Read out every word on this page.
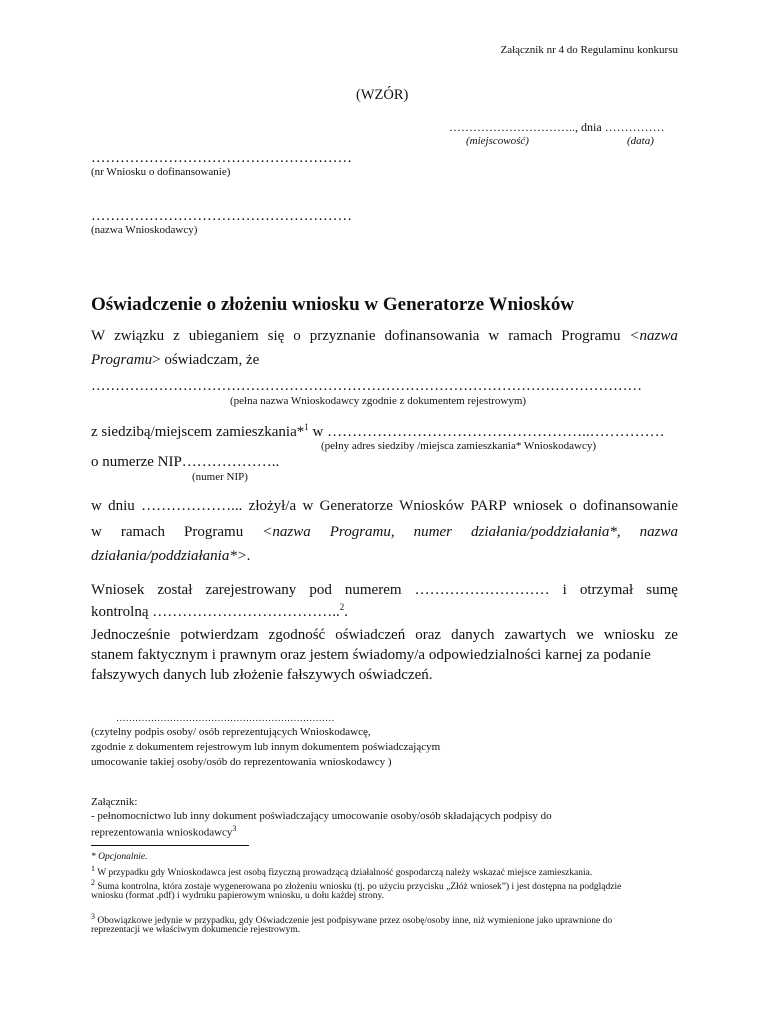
Załącznik nr 4 do Regulaminu konkursu
(WZÓR)
………………………….., dnia ……………
(miejscowość)	(data)
………………………………………………
(nr Wniosku o dofinansowanie)
………………………………………………
(nazwa Wnioskodawcy)
Oświadczenie o złożeniu wniosku w Generatorze Wniosków
W związku z ubieganiem się o przyznanie dofinansowania w ramach Programu <nazwa
Programu> oświadczam, że
……………………………………………………………………………………………………
(pełna nazwa Wnioskodawcy zgodnie z dokumentem rejestrowym)
z siedzibą/miejscem zamieszkania*$^1$ w ……………………………………………..……………
(pełny adres siedziby /miejsca zamieszkania* Wnioskodawcy)
o numerze NIP………………..
(numer NIP)
w dniu ………………... złożył/a w Generatorze Wniosków PARP wniosek o dofinansowanie
w ramach Programu <nazwa Programu, numer działania/poddziałania*, nazwa
działania/poddziałania*>.
Wniosek został zarejestrowany pod numerem ……………………… i otrzymał sumę
kontrolną ………………………………..$^2$.
Jednocześnie potwierdzam zgodność oświadczeń oraz danych zawartych we wniosku ze
stanem faktycznym i prawnym oraz jestem świadomy/a odpowiedzialności karnej za podanie
fałszywych danych lub złożenie fałszywych oświadczeń.
……………………………………………………………
(czytelny podpis osoby/ osób reprezentujących Wnioskodawcę,
zgodnie z dokumentem rejestrowym lub innym dokumentem poświadczającym
umocowanie takiej osoby/osób do reprezentowania wnioskodawcy )
Załącznik:
- pełnomocnictwo lub inny dokument poświadczający umocowanie osoby/osób składających podpisy do
reprezentowania wnioskodawcy$^3$
* Opcjonalnie.
$^1$ W przypadku gdy Wnioskodawca jest osobą fizyczną prowadzącą działalność gospodarczą należy wskazać miejsce zamieszkania.
$^2$ Suma kontrolna, która zostaje wygenerowana po złożeniu wniosku (tj. po użyciu przycisku „Złóż wniosek”) i jest dostępna na podglądzie
wniosku (format .pdf) i wydruku papierowym wniosku, u dołu każdej strony.
$^3$ Obowiązkowe jedynie w przypadku, gdy Oświadczenie jest podpisywane przez osobę/osoby inne, niż wymienione jako uprawnione do
reprezentacji we właściwym dokumencie rejestrowym.
